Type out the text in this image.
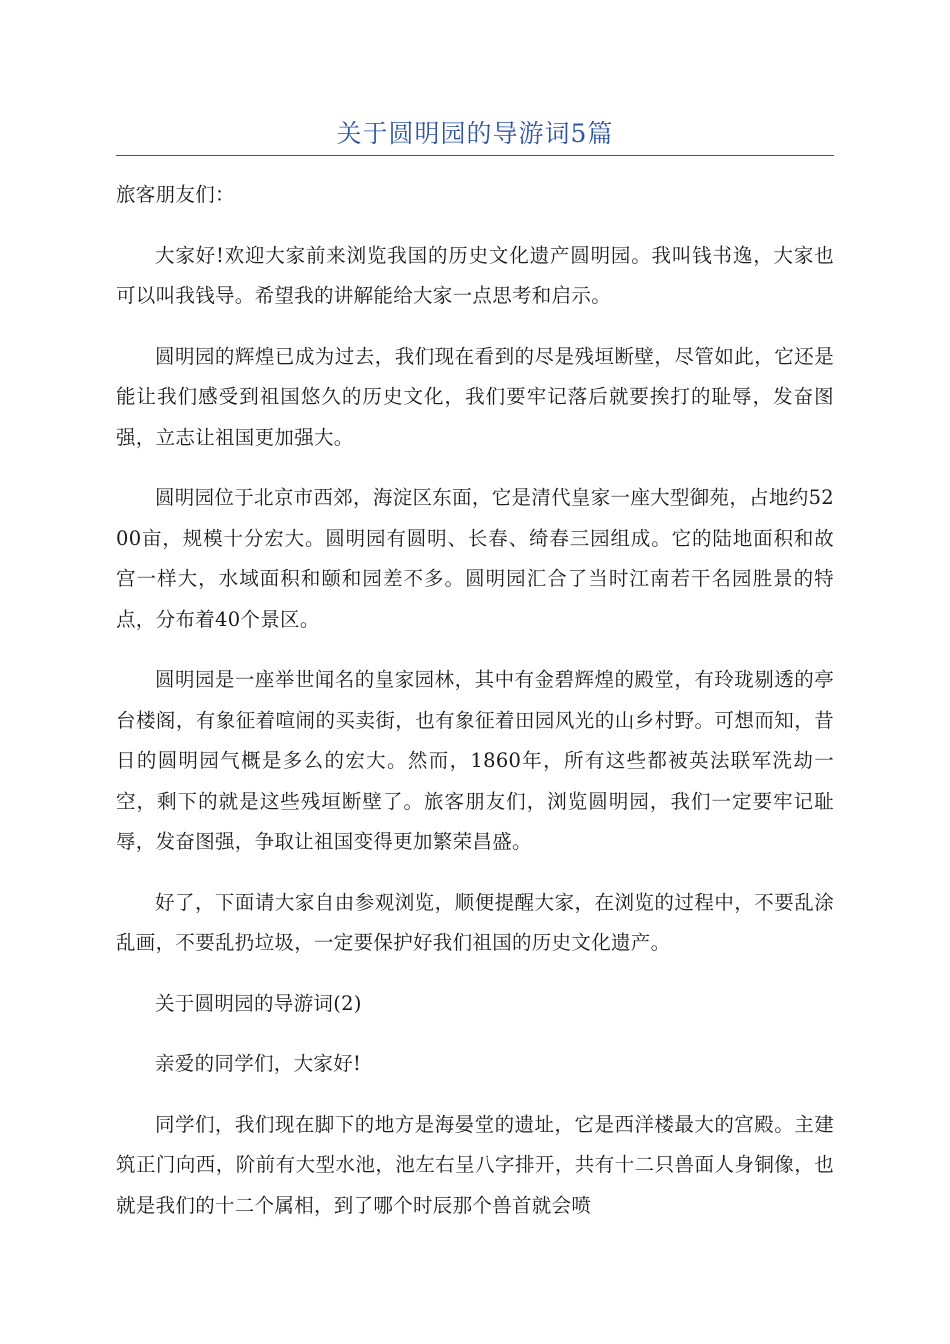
关于圆明园的导游词5篇

旅客朋友们：

大家好!欢迎大家前来浏览我国的历史文化遗产圆明园。我叫钱书逸，大家也可以叫我钱导。希望我的讲解能给大家一点思考和启示。

圆明园的辉煌已成为过去，我们现在看到的尽是残垣断壁，尽管如此，它还是能让我们感受到祖国悠久的历史文化，我们要牢记落后就要挨打的耻辱，发奋图强，立志让祖国更加强大。

圆明园位于北京市西郊，海淀区东面，它是清代皇家一座大型御苑，占地约5200亩，规模十分宏大。圆明园有圆明、长春、绮春三园组成。它的陆地面积和故宫一样大，水域面积和颐和园差不多。圆明园汇合了当时江南若干名园胜景的特点，分布着40个景区。

圆明园是一座举世闻名的皇家园林，其中有金碧辉煌的殿堂，有玲珑剔透的亭台楼阁，有象征着喧闹的买卖街，也有象征着田园风光的山乡村野。可想而知，昔日的圆明园气概是多么的宏大。然而，1860年，所有这些都被英法联军洗劫一空，剩下的就是这些残垣断壁了。旅客朋友们，浏览圆明园，我们一定要牢记耻辱，发奋图强，争取让祖国变得更加繁荣昌盛。

好了，下面请大家自由参观浏览，顺便提醒大家，在浏览的过程中，不要乱涂乱画，不要乱扔垃圾，一定要保护好我们祖国的历史文化遗产。

关于圆明园的导游词(2)

亲爱的同学们，大家好!

同学们，我们现在脚下的地方是海晏堂的遗址，它是西洋楼最大的宫殿。主建筑正门向西，阶前有大型水池，池左右呈八字排开，共有十二只兽面人身铜像，也就是我们的十二个属相，到了哪个时辰那个兽首就会喷
